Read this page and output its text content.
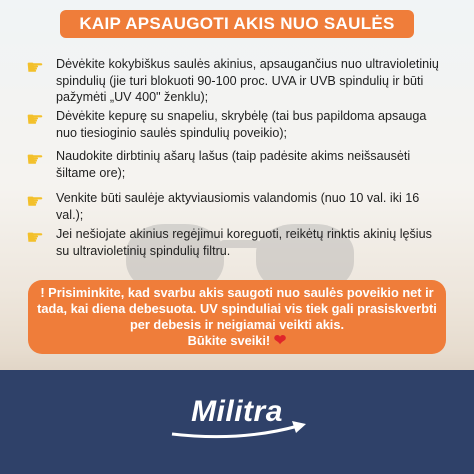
KAIP APSAUGOTI AKIS NUO SAULĖS
☛ Dėvėkite kokybiškus saulės akinius, apsaugančius nuo ultravioletinių spindulių (jie turi blokuoti 90-100 proc. UVA ir UVB spindulių ir būti pažymėti „UV 400" ženklu);
☛ Dėvėkite kepurę su snapeliu, skrybėlę (tai bus papildoma apsauga nuo tiesioginio saulės spindulių poveikio);
☛ Naudokite dirbtinių ašarų lašus (taip padėsite akims neišsausėti šiltame ore);
☛ Venkite būti saulėje aktyviausiomis valandomis (nuo 10 val. iki 16 val.);
☛ Jei nešiojate akinius regėjimui koreguoti, reikėtų rinktis akinių lęšius su ultravioletinių spindulių filtru.
! Prisiminkite, kad svarbu akis saugoti nuo saulės poveikio net ir tada, kai diena debesuota. UV spinduliai vis tiek gali prasiskverbti per debesis ir neigiamai veikti akis.
Būkite sveiki! ❤
Militra
